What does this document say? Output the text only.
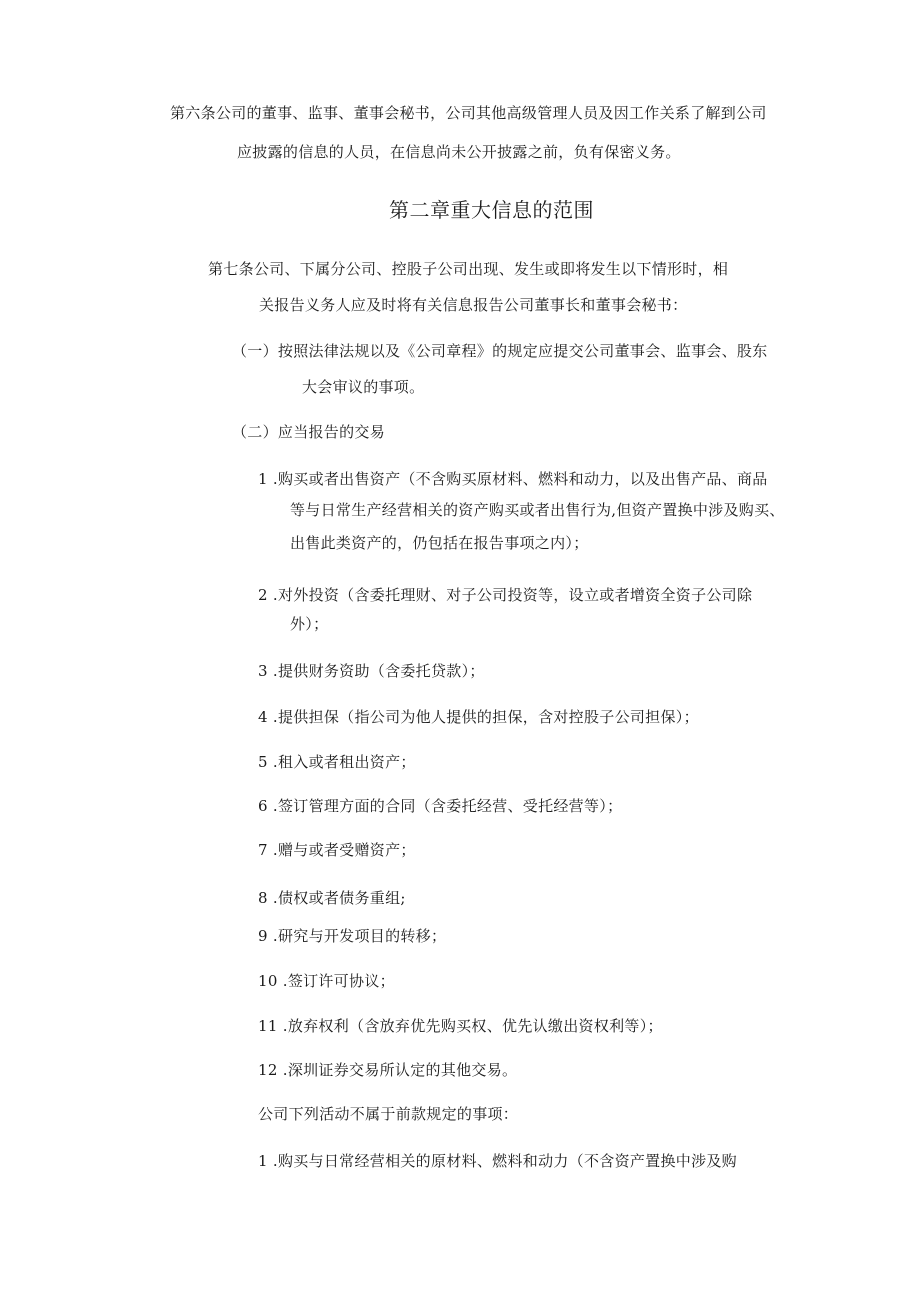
第六条公司的董事、监事、董事会秘书，公司其他高级管理人员及因工作关系了解到公司
应披露的信息的人员，在信息尚未公开披露之前，负有保密义务。
第二章重大信息的范围
第七条公司、下属分公司、控股子公司出现、发生或即将发生以下情形时，相
关报告义务人应及时将有关信息报告公司董事长和董事会秘书：
（一）按照法律法规以及《公司章程》的规定应提交公司董事会、监事会、股东
大会审议的事项。
（二）应当报告的交易
1 .购买或者出售资产（不含购买原材料、燃料和动力，以及出售产品、商品
等与日常生产经营相关的资产购买或者出售行为,但资产置换中涉及购买、
出售此类资产的，仍包括在报告事项之内）；
2 .对外投资（含委托理财、对子公司投资等，设立或者增资全资子公司除
外）；
3 .提供财务资助（含委托贷款）；
4 .提供担保（指公司为他人提供的担保，含对控股子公司担保）；
5 .租入或者租出资产；
6 .签订管理方面的合同（含委托经营、受托经营等）；
7 .赠与或者受赠资产；
8 .债权或者债务重组;
9 .研究与开发项目的转移；
10 .签订许可协议；
11 .放弃权利（含放弃优先购买权、优先认缴出资权利等）；
12 .深圳证券交易所认定的其他交易。
公司下列活动不属于前款规定的事项：
1 .购买与日常经营相关的原材料、燃料和动力（不含资产置换中涉及购
